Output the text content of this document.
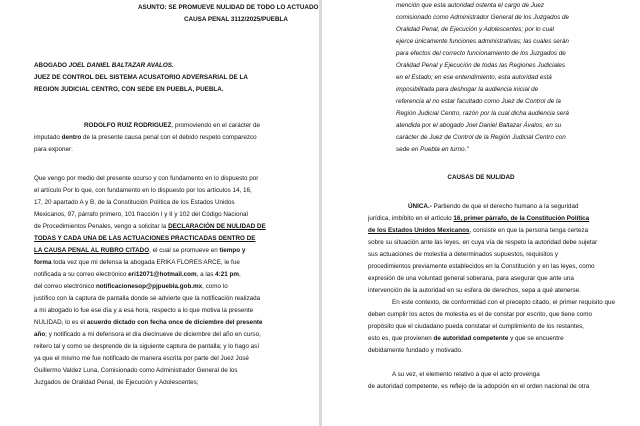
ASUNTO: SE PROMUEVE NULIDAD DE TODO LO ACTUADO
CAUSA PENAL 3112/2025/PUEBLA
ABOGADO JOEL DANIEL BALTAZAR AVALOS.
JUEZ DE CONTROL DEL SISTEMA ACUSATORIO ADVERSARIAL DE LA
REGION JUDICIAL CENTRO, CON SEDE EN PUEBLA, PUEBLA.
RODOLFO RUIZ RODRIGUEZ, promoviendo en el carácter de
imputado dentro de la presente causa penal con el debido respeto comparezco
para exponer:
Que vengo por medio del presente ocurso y con fundamento en lo dispuesto por
el artículo Por lo que, con fundamento en lo dispuesto por los artículos 14, 16,
17, 20 apartado A y B, de la Constitución Política de los Estados Unidos
Mexicanos, 97, párrafo primero, 101 fracción I y II y 102 del Código Nacional
de Procedimientos Penales, vengo a solicitar la DECLARACIÓN DE NULIDAD DE
TODAS Y CADA UNA DE LAS ACTUACIONES PRACTICADAS DENTRO DE
LA CAUSA PENAL AL RUBRO CITADO, el cual se promueve en tiempo y
forma toda vez que mi defensa la abogada ERIKA FLORES ARCE, le fue
notificada a su correo electrónico eri12071@hotmail.com, a las 4:21 pm,
del correo electrónico notificacionesop@pjpuebla.gob.mx, como lo
justifico con la captura de pantalla donde se advierte que la notificación realizada
a mi abogado lo fue ese día y a esa hora, respecto a lo que motiva la presente
NULIDAD, lo es el acuerdo dictado con fecha once de diciembre del presente
año; y notificado a mi defensora el día diecinueve de diciembre del año en curso,
reitero tal y como se desprende de la siguiente captura de pantalla; y lo hago así
ya que el mismo me fue notificado de manera escrita por parte del Juez José
Guillermo Valdez Luna, Comisionado como Administrador General de los
Juzgados de Oralidad Penal, de Ejecución y Adolescentes;
mención que esta autoridad ostenta el cargo de Juez
comisionado como Administrador General de los Juzgados de
Oralidad Penal, de Ejecución y Adolescentes; por lo cual
ejerce únicamente funciones administrativas; las cuales serán
para efectos del correcto funcionamiento de los Juzgados de
Oralidad Penal y Ejecución de todas las Regiones Judiciales
en el Estado; en ese entendimiento, esta autoridad está
imposibilitada para deshogar la audiencia inicial de
referencia al no estar facultado como Juez de Control de la
Región Judicial Centro, razón por la cual dicha audiencia será
atendida por el abogado Joel Daniel Baltazar Ávalos, en su
carácter de Juez de Control de la Región Judicial Centro con
sede en Puebla en turno."
CAUSAS DE NULIDAD
ÚNICA.- Partiendo de que el derecho humano a la seguridad
jurídica, imbíbito en el artículo 16, primer párrafo, de la Constitución Política
de los Estados Unidos Mexicanos, consiste en que la persona tenga certeza
sobre su situación ante las leyes, en cuya vía de respeto la autoridad debe sujetar
sus actuaciones de molestia a determinados supuestos, requisitos y
procedimientos previamente establecidos en la Constitución y en las leyes, como
expresión de una voluntad general soberana, para asegurar que ante una
intervención de la autoridad en su esfera de derechos, sepa a qué atenerse.
En este contexto, de conformidad con el precepto citado, el primer requisito que
deben cumplir los actos de molestia es el de constar por escrito, que tiene como
propósito que el ciudadano pueda constatar el cumplimiento de los restantes,
esto es, que provienen de autoridad competente y que se encuentre
debidamente fundado y motivado.
A su vez, el elemento relativo a que el acto provenga
de autoridad competente, es reflejo de la adopción en el orden nacional de otra
